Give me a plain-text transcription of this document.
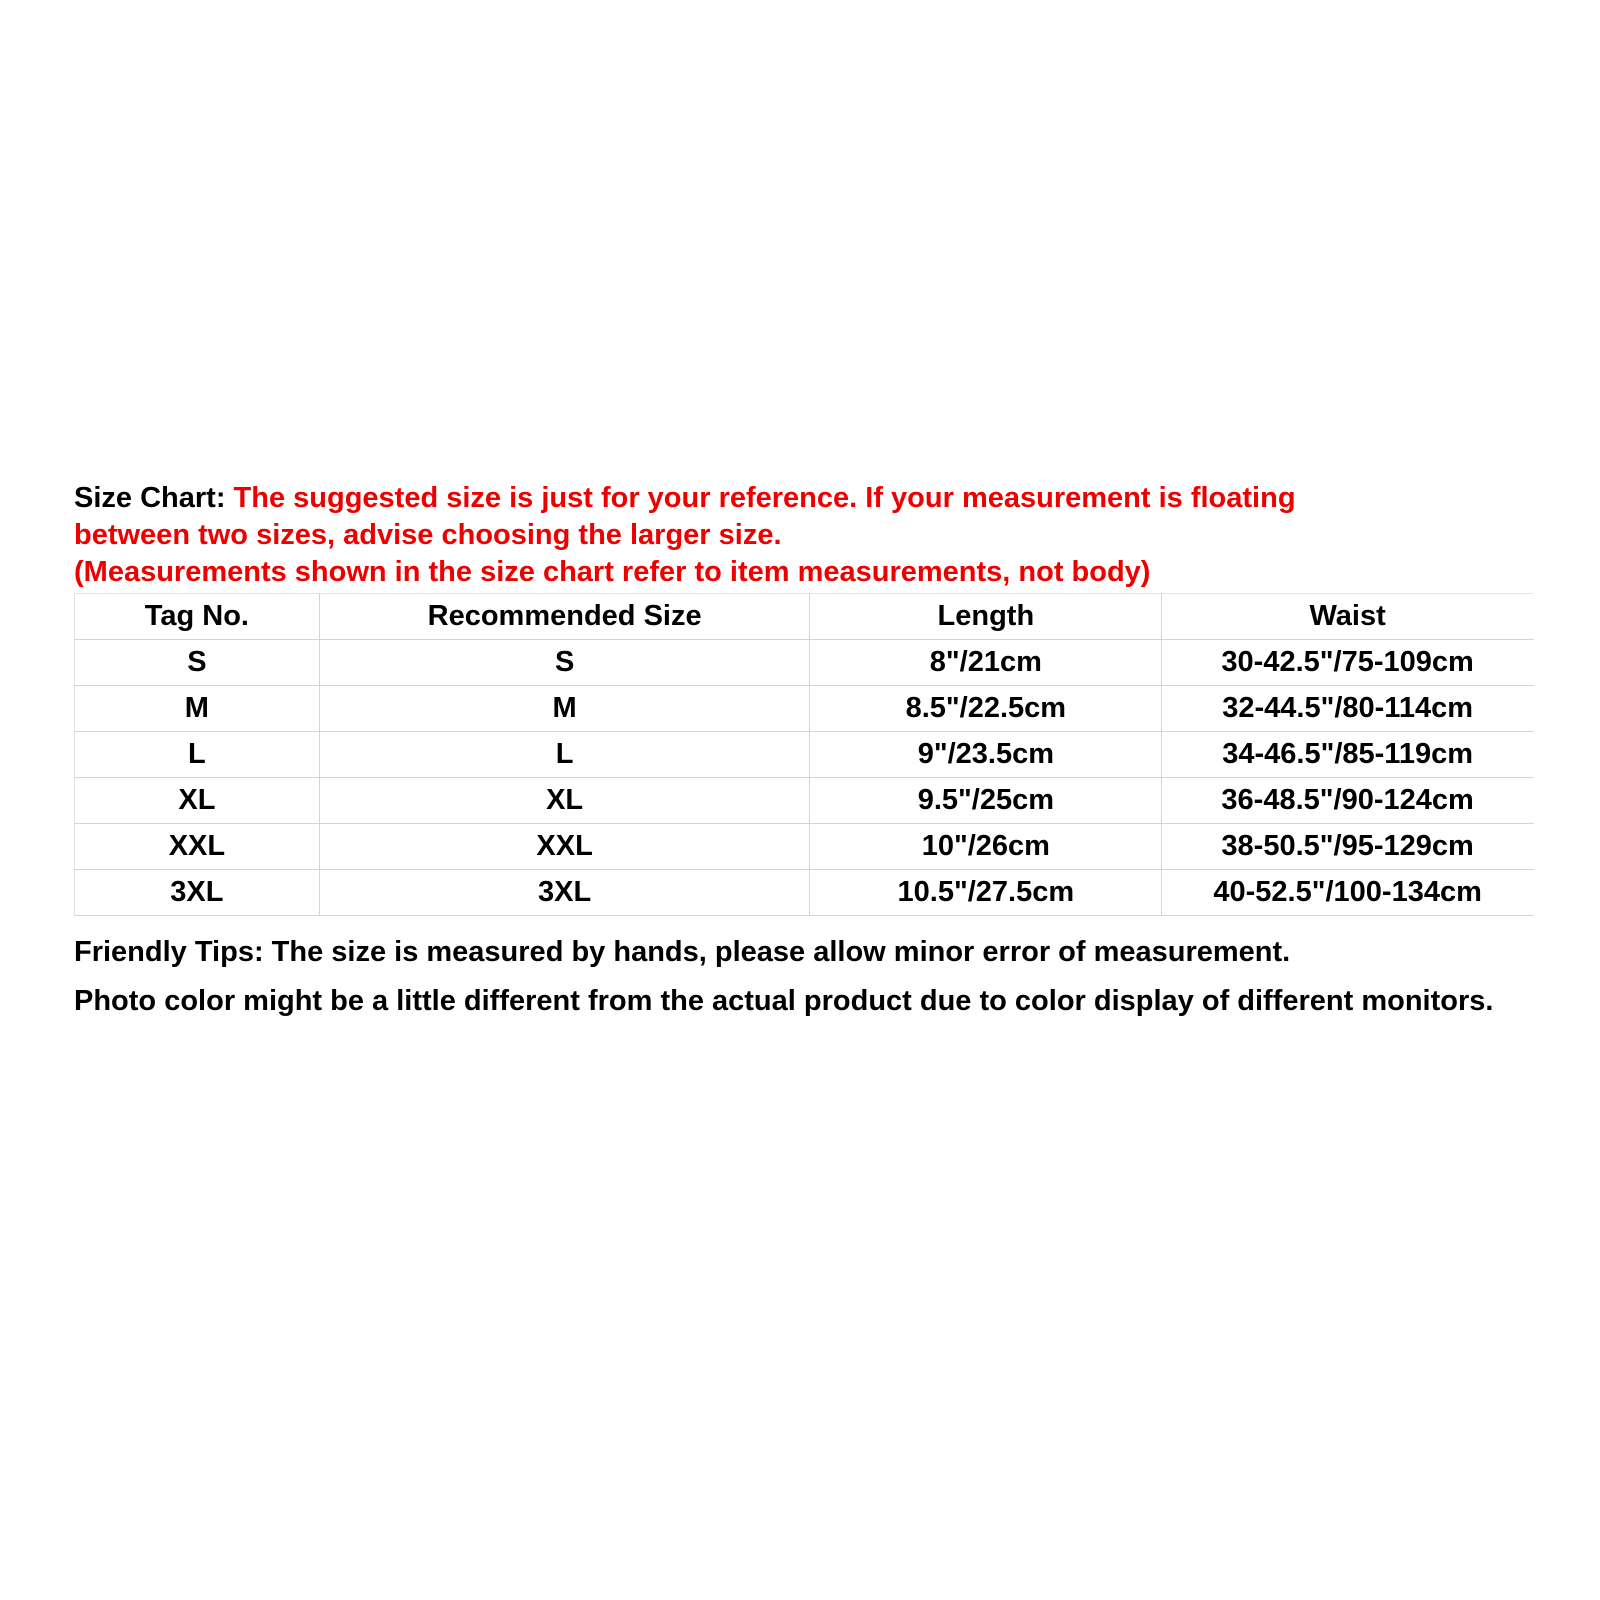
Size Chart: The suggested size is just for your reference. If your measurement is floating
between two sizes, advise choosing the larger size.
(Measurements shown in the size chart refer to item measurements, not body)

Tag No.	Recommended Size	Length	Waist
S	S	8"/21cm	30-42.5"/75-109cm
M	M	8.5"/22.5cm	32-44.5"/80-114cm
L	L	9"/23.5cm	34-46.5"/85-119cm
XL	XL	9.5"/25cm	36-48.5"/90-124cm
XXL	XXL	10"/26cm	38-50.5"/95-129cm
3XL	3XL	10.5"/27.5cm	40-52.5"/100-134cm

Friendly Tips: The size is measured by hands, please allow minor error of measurement.

Photo color might be a little different from the actual product due to color display of different monitors.
